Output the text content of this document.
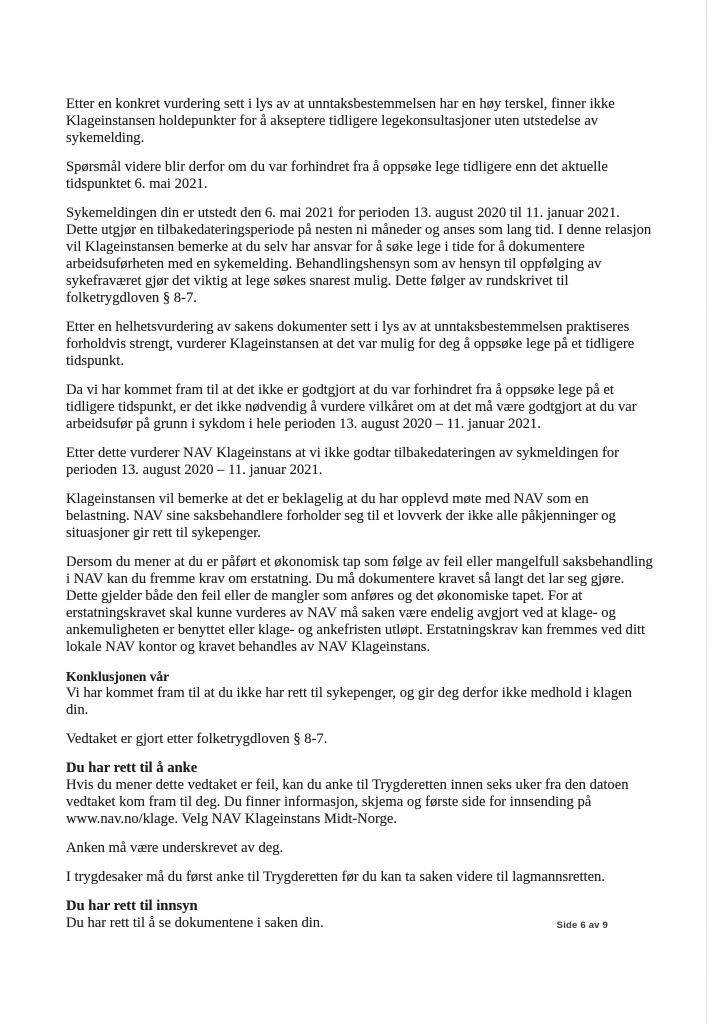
Etter en konkret vurdering sett i lys av at unntaksbestemmelsen har en høy terskel, finner ikke Klageinstansen holdepunkter for å akseptere tidligere legekonsultasjoner uten utstedelse av sykemelding.

Spørsmål videre blir derfor om du var forhindret fra å oppsøke lege tidligere enn det aktuelle tidspunktet 6. mai 2021.

Sykemeldingen din er utstedt den 6. mai 2021 for perioden 13. august 2020 til 11. januar 2021. Dette utgjør en tilbakedateringsperiode på nesten ni måneder og anses som lang tid. I denne relasjon vil Klageinstansen bemerke at du selv har ansvar for å søke lege i tide for å dokumentere arbeidsuførheten med en sykemelding. Behandlingshensyn som av hensyn til oppfølging av sykefraværet gjør det viktig at lege søkes snarest mulig. Dette følger av rundskrivet til folketrygdloven § 8-7.

Etter en helhetsvurdering av sakens dokumenter sett i lys av at unntaksbestemmelsen praktiseres forholdvis strengt, vurderer Klageinstansen at det var mulig for deg å oppsøke lege på et tidligere tidspunkt.

Da vi har kommet fram til at det ikke er godtgjort at du var forhindret fra å oppsøke lege på et tidligere tidspunkt, er det ikke nødvendig å vurdere vilkåret om at det må være godtgjort at du var arbeidsufør på grunn i sykdom i hele perioden 13. august 2020 – 11. januar 2021.

Etter dette vurderer NAV Klageinstans at vi ikke godtar tilbakedateringen av sykmeldingen for perioden 13. august 2020 – 11. januar 2021.

Klageinstansen vil bemerke at det er beklagelig at du har opplevd møte med NAV som en belastning. NAV sine saksbehandlere forholder seg til et lovverk der ikke alle påkjenninger og situasjoner gir rett til sykepenger.

Dersom du mener at du er påført et økonomisk tap som følge av feil eller mangelfull saksbehandling i NAV kan du fremme krav om erstatning. Du må dokumentere kravet så langt det lar seg gjøre. Dette gjelder både den feil eller de mangler som anføres og det økonomiske tapet. For at erstatningskravet skal kunne vurderes av NAV må saken være endelig avgjort ved at klage- og ankemuligheten er benyttet eller klage- og ankefristen utløpt. Erstatningskrav kan fremmes ved ditt lokale NAV kontor og kravet behandles av NAV Klageinstans.

Konklusjonen vår

Vi har kommet fram til at du ikke har rett til sykepenger, og gir deg derfor ikke medhold i klagen din.

Vedtaket er gjort etter folketrygdloven § 8-7.

Du har rett til å anke

Hvis du mener dette vedtaket er feil, kan du anke til Trygderetten innen seks uker fra den datoen vedtaket kom fram til deg. Du finner informasjon, skjema og første side for innsending på www.nav.no/klage. Velg NAV Klageinstans Midt-Norge.

Anken må være underskrevet av deg.

I trygdesaker må du først anke til Trygderetten før du kan ta saken videre til lagmannsretten.

Du har rett til innsyn

Du har rett til å se dokumentene i saken din.	Side 6 av 9
